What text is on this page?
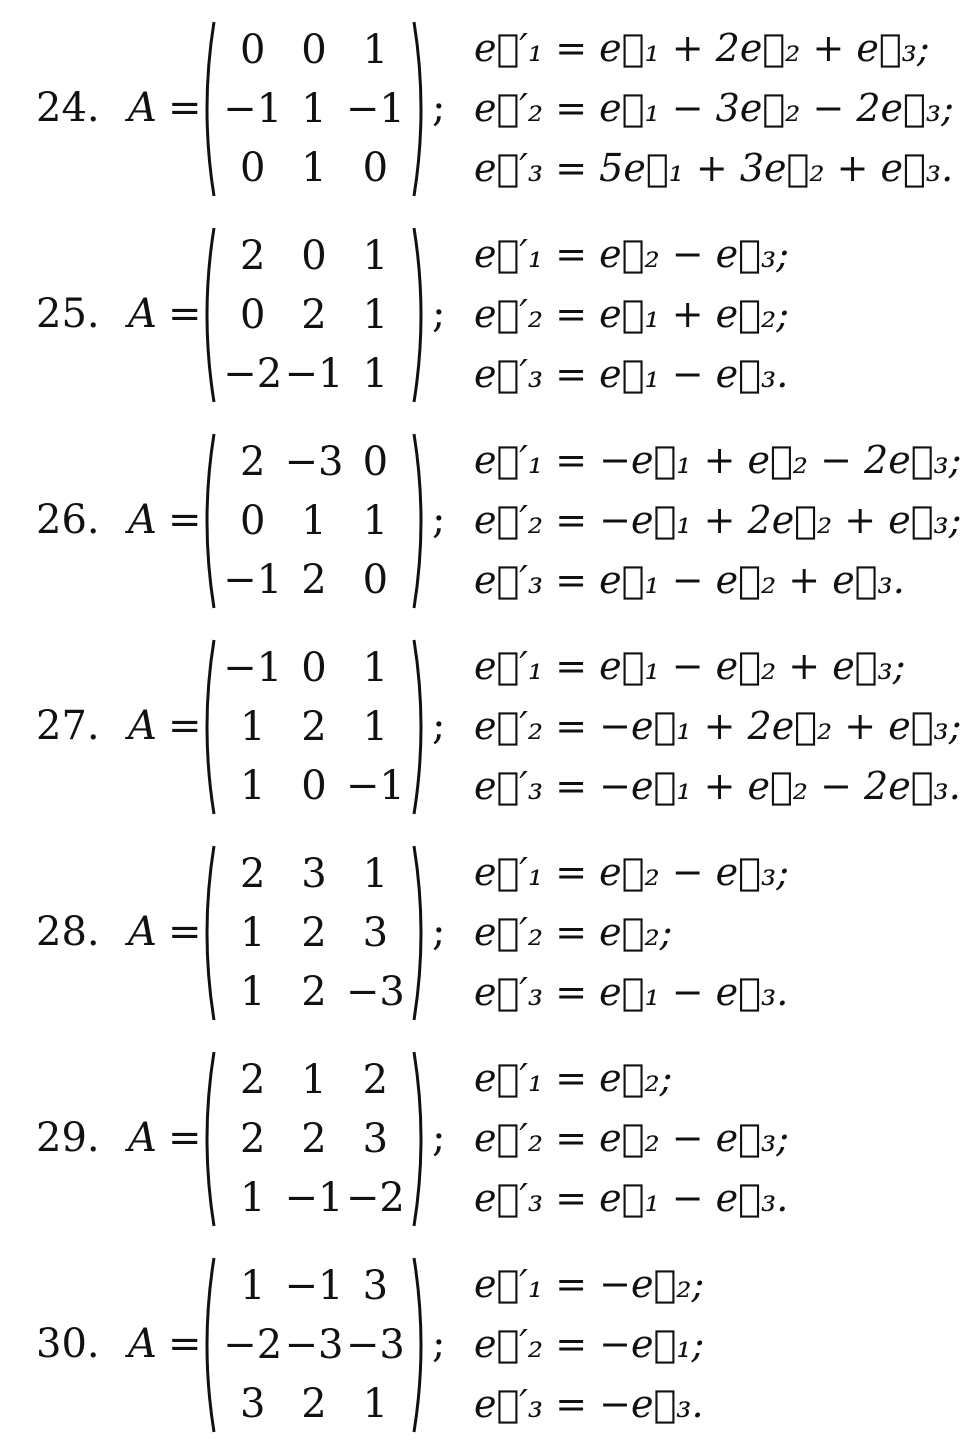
24. A =
0 0 1
−1 1 −1
0 1 0
;
e⃗′₁ = e⃗₁ + 2e⃗₂ + e⃗₃;
e⃗′₂ = e⃗₁ − 3e⃗₂ − 2e⃗₃;
e⃗′₃ = 5e⃗₁ + 3e⃗₂ + e⃗₃.
25. A =
2 0 1
0 2 1
−2 −1 1
;
e⃗′₁ = e⃗₂ − e⃗₃;
e⃗′₂ = e⃗₁ + e⃗₂;
e⃗′₃ = e⃗₁ − e⃗₃.
26. A =
2 −3 0
0 1 1
−1 2 0
;
e⃗′₁ = −e⃗₁ + e⃗₂ − 2e⃗₃;
e⃗′₂ = −e⃗₁ + 2e⃗₂ + e⃗₃;
e⃗′₃ = e⃗₁ − e⃗₂ + e⃗₃.
27. A =
−1 0 1
1 2 1
1 0 −1
;
e⃗′₁ = e⃗₁ − e⃗₂ + e⃗₃;
e⃗′₂ = −e⃗₁ + 2e⃗₂ + e⃗₃;
e⃗′₃ = −e⃗₁ + e⃗₂ − 2e⃗₃.
28. A =
2 3 1
1 2 3
1 2 −3
;
e⃗′₁ = e⃗₂ − e⃗₃;
e⃗′₂ = e⃗₂;
e⃗′₃ = e⃗₁ − e⃗₃.
29. A =
2 1 2
2 2 3
1 −1 −2
;
e⃗′₁ = e⃗₂;
e⃗′₂ = e⃗₂ − e⃗₃;
e⃗′₃ = e⃗₁ − e⃗₃.
30. A =
1 −1 3
−2 −3 −3
3 2 1
;
e⃗′₁ = −e⃗₂;
e⃗′₂ = −e⃗₁;
e⃗′₃ = −e⃗₃.
